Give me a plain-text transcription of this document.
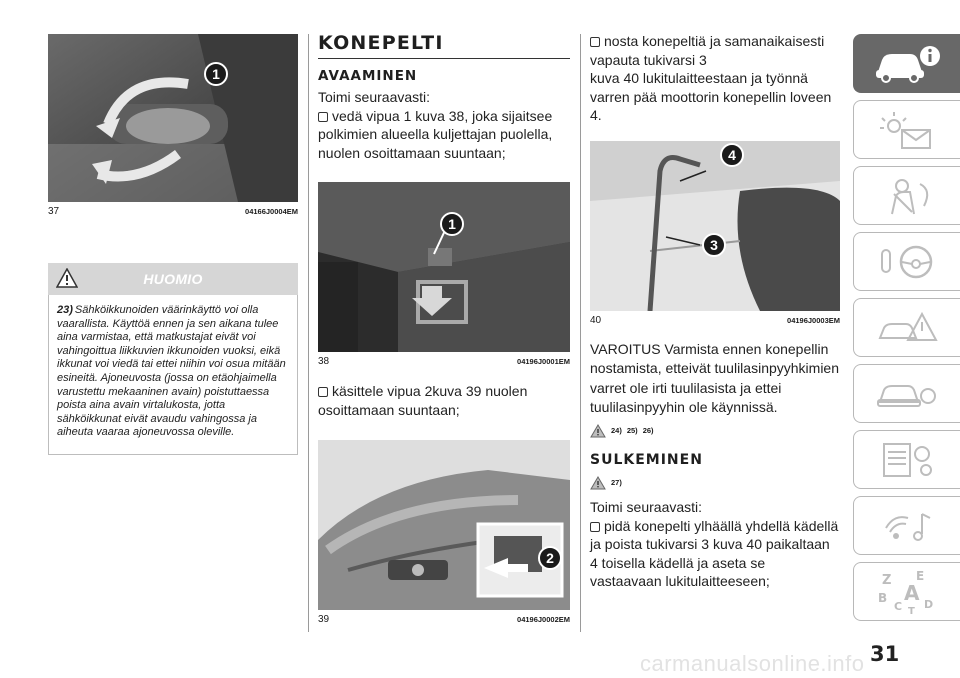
1
37	04166J0004EM
HUOMIO
23) Sähköikkunoiden väärinkäyttö voi olla vaarallista. Käyttöä ennen ja sen aikana tulee aina varmistaa, että matkustajat eivät voi vahingoittua liikkuvien ikkunoiden vuoksi, eikä ikkunat voi viedä tai ettei niihin voi osua mitään esineitä. Ajoneuvosta (jossa on etäohjaimella varustettu mekaaninen avain) poistuttaessa poista aina avain virtalukosta, jotta sähköikkunat eivät avaudu vahingossa ja aiheuta vaaraa ajoneuvossa oleville.
KONEPELTI
AVAAMINEN

Toimi seuraavasti:

vedä vipua 1 kuva 38, joka sijaitsee polkimien alueella kuljettajan puolella, nuolen osoittamaan suuntaan;

1
38	04196J0001EM

käsittele vipua 2kuva 39 nuolen osoittamaan suuntaan;

2
39	04196J0002EM

nosta konepeltiä ja samanaikaisesti vapauta tukivarsi 3

kuva 40 lukitulaitteestaan ja työnnä varren pää moottorin konepellin loveen 4.

4
3
40	04196J0003EM

VAROITUS Varmista ennen konepellin nostamista, etteivät tuulilasinpyyhkimien varret ole irti tuulilasista ja ettei tuulilasinpyyhin ole käynnissä.

24) 25) 26)
SULKEMINEN
27)

Toimi seuraavasti:

pidä konepelti ylhäällä yhdellä kädellä ja poista tukivarsi 3 kuva 40 paikaltaan 4 toisella kädellä ja aseta se vastaavaan lukitulaitteeseen;	Z E
B A
C D
T
31
carmanualsonline.info
